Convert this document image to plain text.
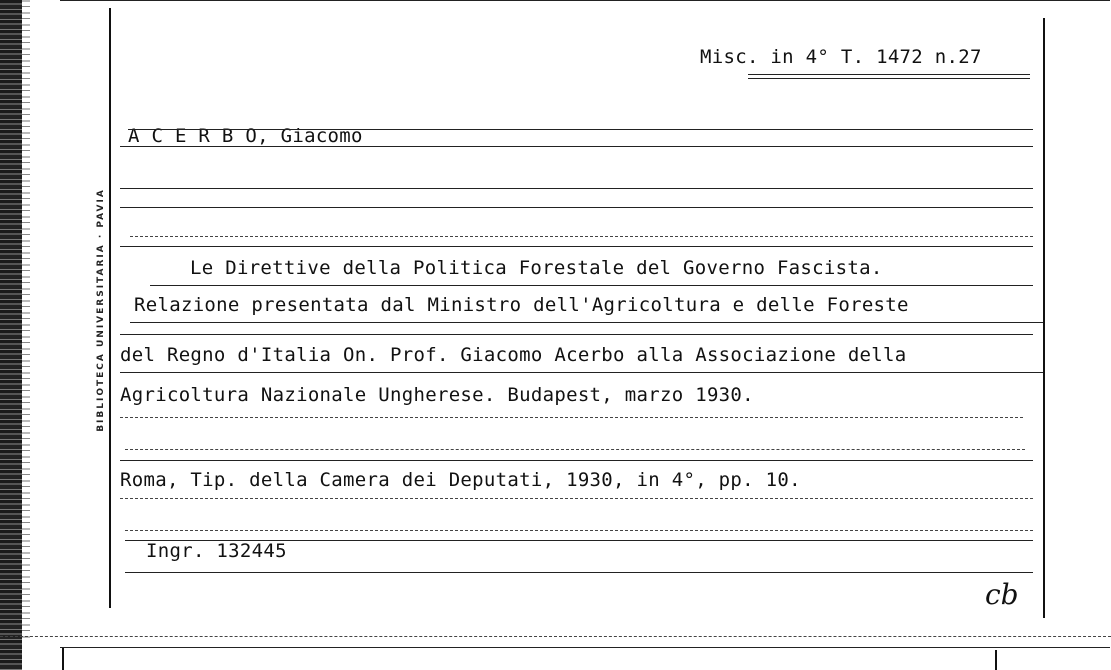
BIBLIOTECA UNIVERSITARIA · PAVIA
Misc. in 4° T. 1472 n.27
A C E R B O, Giacomo
Le Direttive della Politica Forestale del Governo Fascista.
Relazione presentata dal Ministro dell'Agricoltura e delle Foreste
del Regno d'Italia On. Prof. Giacomo Acerbo alla Associazione della
Agricoltura Nazionale Ungherese. Budapest, marzo 1930.
Roma, Tip. della Camera dei Deputati, 1930, in 4°, pp. 10.
Ingr. 132445
cb
